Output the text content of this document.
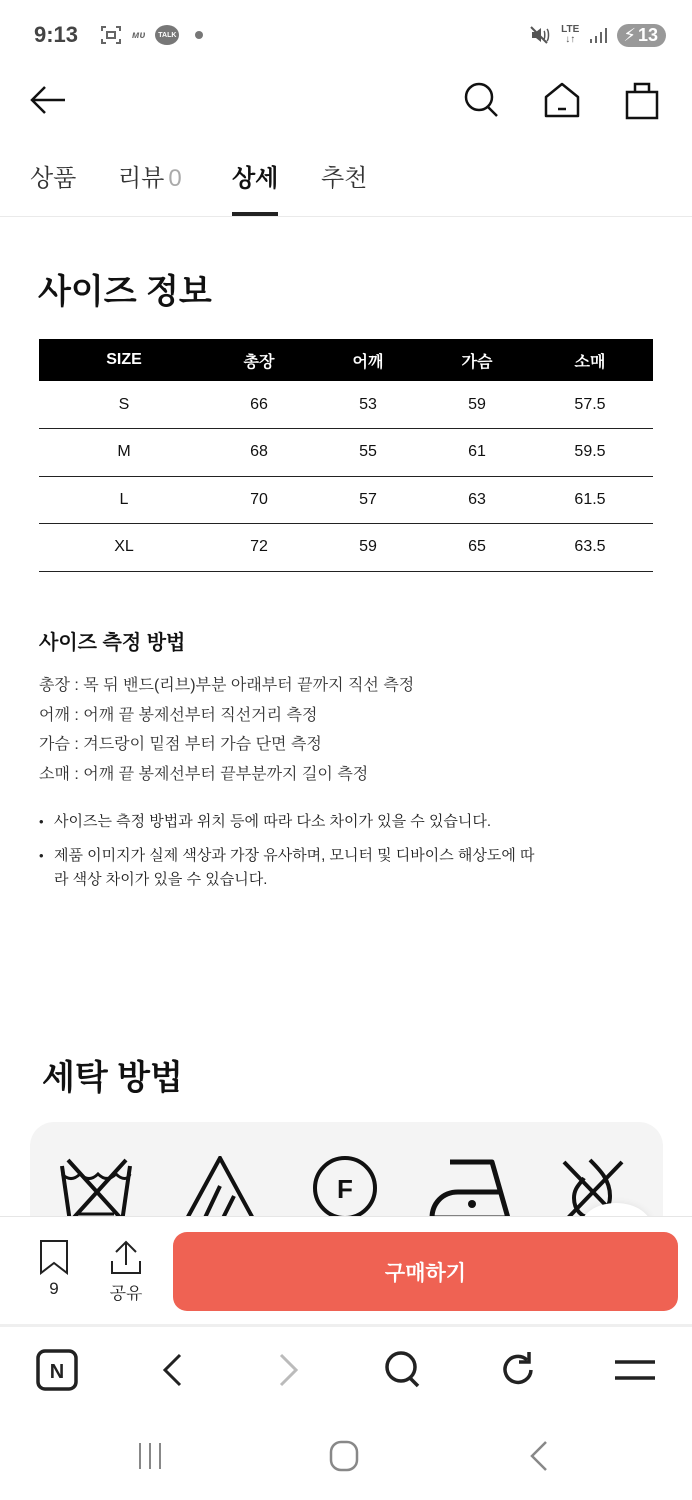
9:13	ᴍᴜ TALK	LTE
↓↑	⚡ 13
상품 리뷰 0 상세 추천
사이즈 정보
SIZE	총장	어깨	가슴	소매
S	66	53	59	57.5
M	68	55	61	59.5
L	70	57	63	61.5
XL	72	59	65	63.5
사이즈 측정 방법

총장 : 목 뒤 밴드(리브)부분 아래부터 끝까지 직선 측정

어깨 : 어깨 끝 봉제선부터 직선거리 측정

가슴 : 겨드랑이 밑점 부터 가슴 단면 측정

소매 : 어깨 끝 봉제선부터 끝부분까지 길이 측정

• 사이즈는 측정 방법과 위치 등에 따라 다소 차이가 있을 수 있습니다.
• 제품 이미지가 실제 색상과 가장 유사하며, 모니터 및 디바이스 해상도에 따라 색상 차이가 있을 수 있습니다.
세탁 방법
F
9	공유
구매하기
N
